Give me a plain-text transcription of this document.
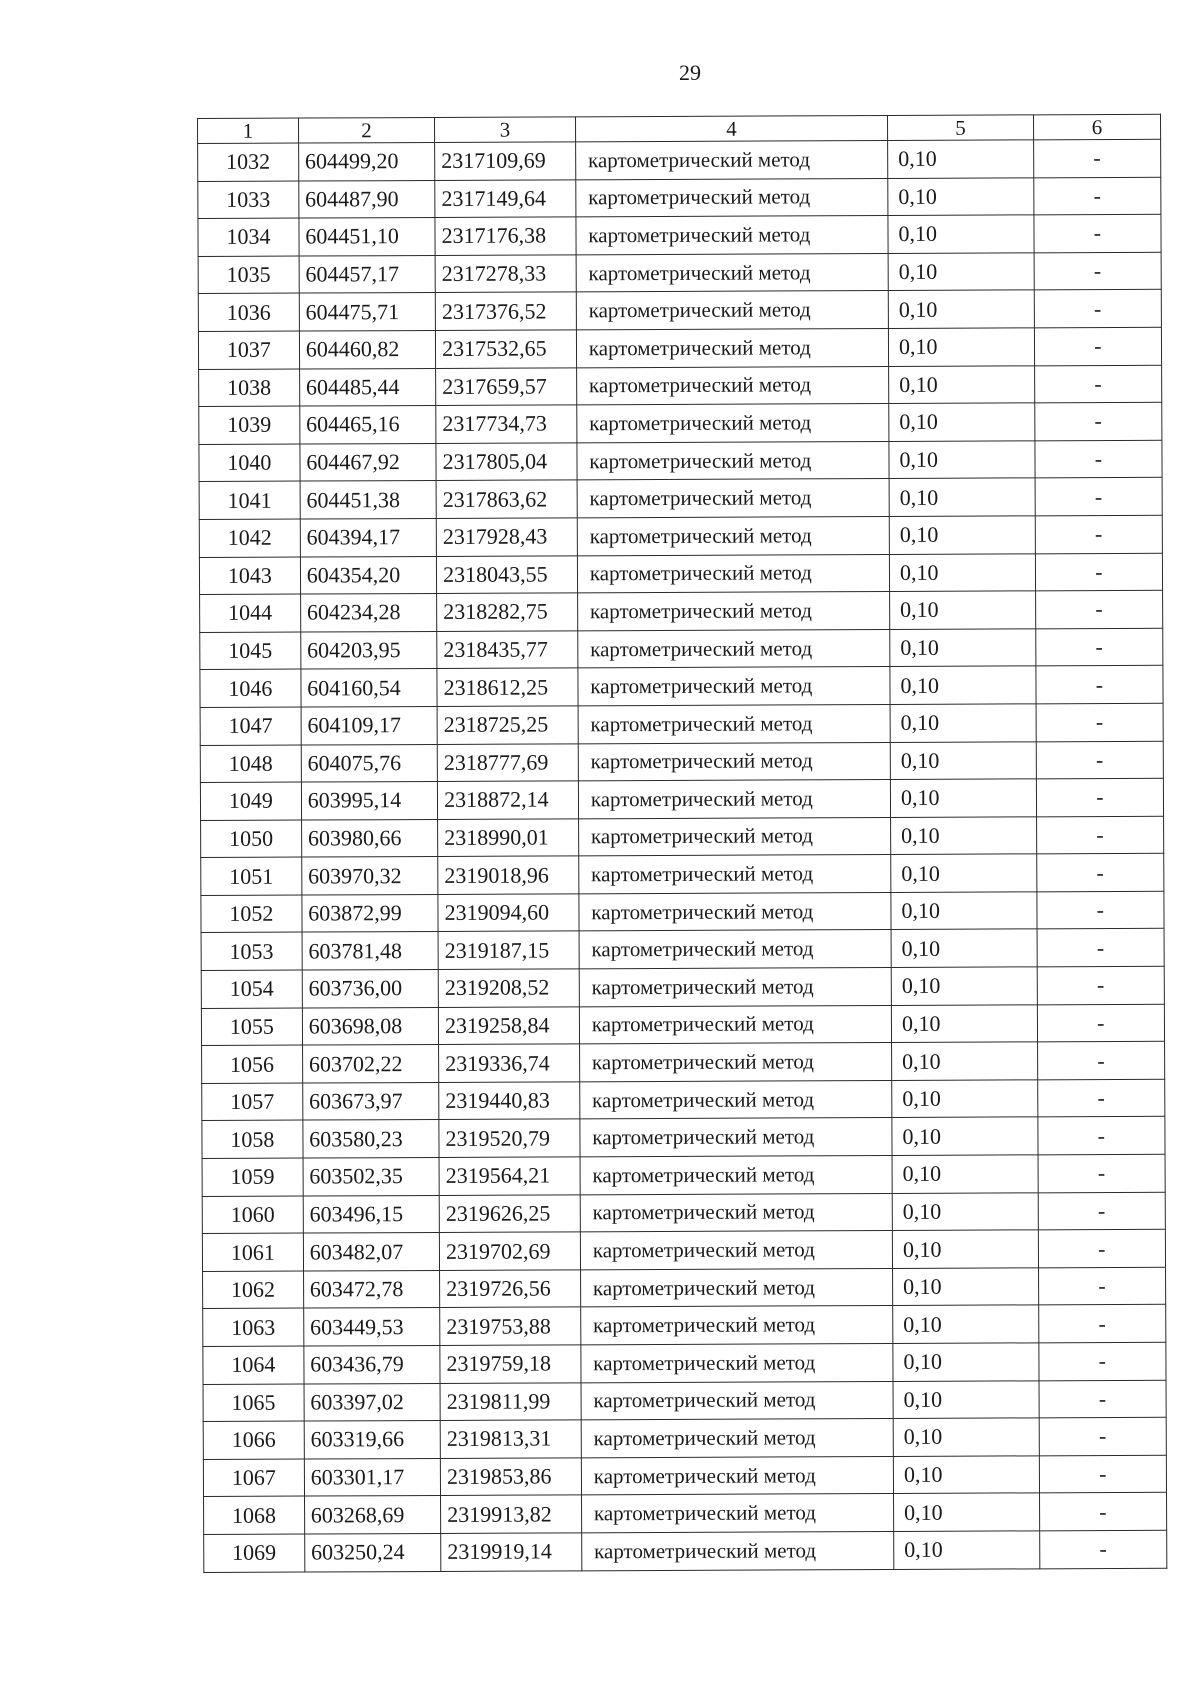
29
1	2	3	4	5	6
1032	604499,20	2317109,69	картометрический метод	0,10	-
1033	604487,90	2317149,64	картометрический метод	0,10	-
1034	604451,10	2317176,38	картометрический метод	0,10	-
1035	604457,17	2317278,33	картометрический метод	0,10	-
1036	604475,71	2317376,52	картометрический метод	0,10	-
1037	604460,82	2317532,65	картометрический метод	0,10	-
1038	604485,44	2317659,57	картометрический метод	0,10	-
1039	604465,16	2317734,73	картометрический метод	0,10	-
1040	604467,92	2317805,04	картометрический метод	0,10	-
1041	604451,38	2317863,62	картометрический метод	0,10	-
1042	604394,17	2317928,43	картометрический метод	0,10	-
1043	604354,20	2318043,55	картометрический метод	0,10	-
1044	604234,28	2318282,75	картометрический метод	0,10	-
1045	604203,95	2318435,77	картометрический метод	0,10	-
1046	604160,54	2318612,25	картометрический метод	0,10	-
1047	604109,17	2318725,25	картометрический метод	0,10	-
1048	604075,76	2318777,69	картометрический метод	0,10	-
1049	603995,14	2318872,14	картометрический метод	0,10	-
1050	603980,66	2318990,01	картометрический метод	0,10	-
1051	603970,32	2319018,96	картометрический метод	0,10	-
1052	603872,99	2319094,60	картометрический метод	0,10	-
1053	603781,48	2319187,15	картометрический метод	0,10	-
1054	603736,00	2319208,52	картометрический метод	0,10	-
1055	603698,08	2319258,84	картометрический метод	0,10	-
1056	603702,22	2319336,74	картометрический метод	0,10	-
1057	603673,97	2319440,83	картометрический метод	0,10	-
1058	603580,23	2319520,79	картометрический метод	0,10	-
1059	603502,35	2319564,21	картометрический метод	0,10	-
1060	603496,15	2319626,25	картометрический метод	0,10	-
1061	603482,07	2319702,69	картометрический метод	0,10	-
1062	603472,78	2319726,56	картометрический метод	0,10	-
1063	603449,53	2319753,88	картометрический метод	0,10	-
1064	603436,79	2319759,18	картометрический метод	0,10	-
1065	603397,02	2319811,99	картометрический метод	0,10	-
1066	603319,66	2319813,31	картометрический метод	0,10	-
1067	603301,17	2319853,86	картометрический метод	0,10	-
1068	603268,69	2319913,82	картометрический метод	0,10	-
1069	603250,24	2319919,14	картометрический метод	0,10	-
